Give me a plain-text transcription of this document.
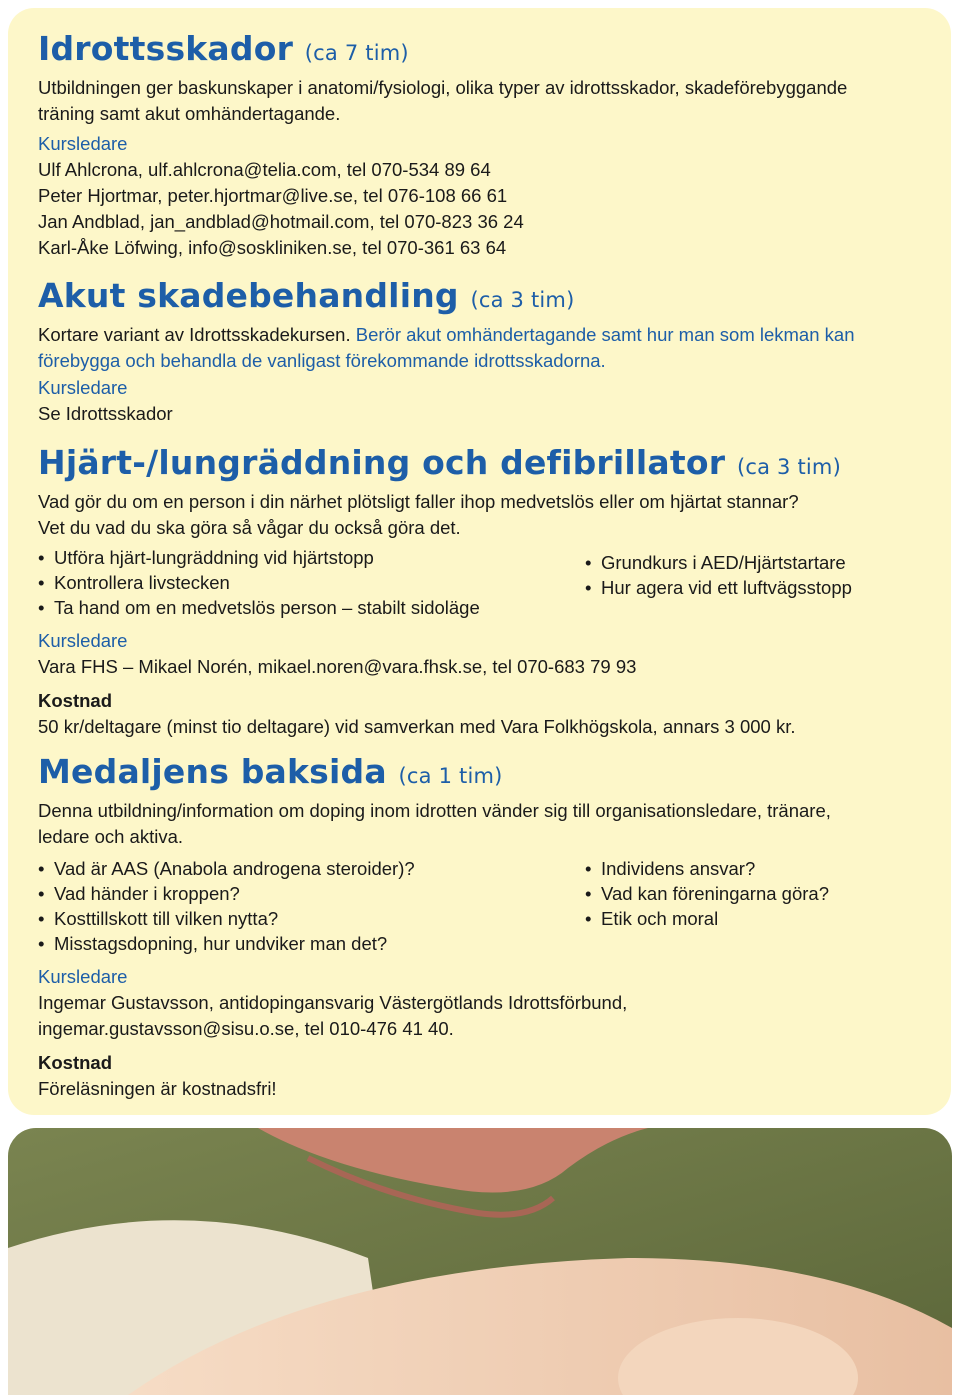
Idrottsskador (ca 7 tim)

Utbildningen ger baskunskaper i anatomi/fysiologi, olika typer av idrottsskador, skadeförebyggande träning samt akut omhändertagande.

Kursledare

Ulf Ahlcrona, ulf.ahlcrona@telia.com, tel 070-534 89 64

Peter Hjortmar, peter.hjortmar@live.se, tel 076-108 66 61

Jan Andblad, jan_andblad@hotmail.com, tel 070-823 36 24

Karl-Åke Löfwing, info@soskliniken.se, tel 070-361 63 64

Akut skadebehandling (ca 3 tim)

Kortare variant av Idrottsskadekursen. Berör akut omhändertagande samt hur man som lekman kan förebygga och behandla de vanligast förekommande idrottsskadorna.

Kursledare

Se Idrottsskador

Hjärt-/lungräddning och defibrillator (ca 3 tim)

Vad gör du om en person i din närhet plötsligt faller ihop medvetslös eller om hjärtat stannar?

Vet du vad du ska göra så vågar du också göra det.

• Utföra hjärt-lungräddning vid hjärtstopp
• Kontrollera livstecken
• Ta hand om en medvetslös person – stabilt sidoläge
• Grundkurs i AED/Hjärtstartare
• Hur agera vid ett luftvägsstopp

Kursledare

Vara FHS – Mikael Norén, mikael.noren@vara.fhsk.se, tel 070-683 79 93

Kostnad

50 kr/deltagare (minst tio deltagare) vid samverkan med Vara Folkhögskola, annars 3 000 kr.

Medaljens baksida (ca 1 tim)

Denna utbildning/information om doping inom idrotten vänder sig till organisationsledare, tränare, ledare och aktiva.

• Vad är AAS (Anabola androgena steroider)?
• Vad händer i kroppen?
• Kosttillskott till vilken nytta?
• Misstagsdopning, hur undviker man det?
• Individens ansvar?
• Vad kan föreningarna göra?
• Etik och moral

Kursledare

Ingemar Gustavsson, antidopingansvarig Västergötlands Idrottsförbund,

ingemar.gustavsson@sisu.o.se, tel 010-476 41 40.

Kostnad

Föreläsningen är kostnadsfri!
